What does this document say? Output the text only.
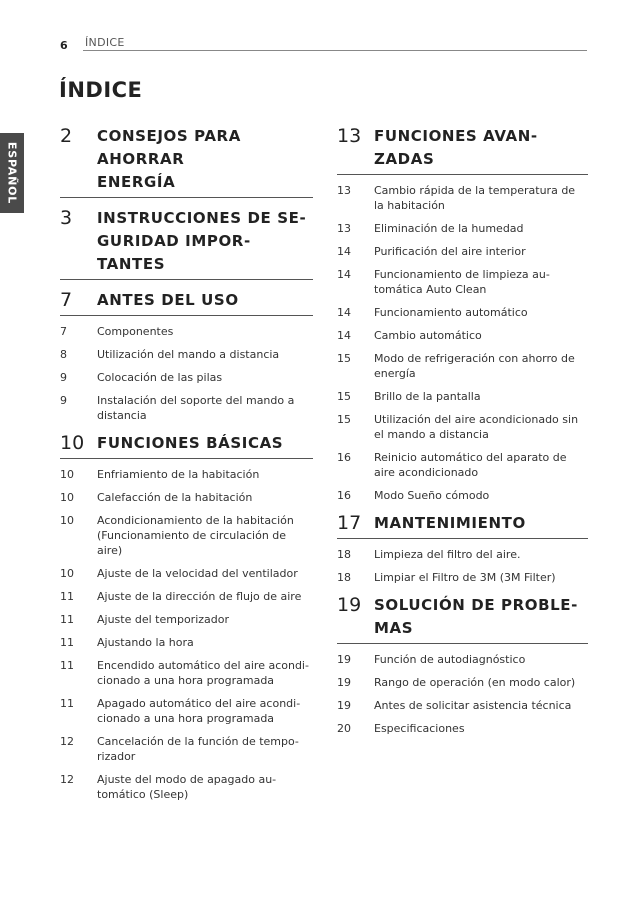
6 ÍNDICE
ESPAÑOL
ÍNDICE
2 CONSEJOS PARA AHORRAR ENERGÍA
3 INSTRUCCIONES DE SE- GURIDAD IMPOR- TANTES
7 ANTES DEL USO
7	Componentes
8	Utilización del mando a distancia
9	Colocación de las pilas
9	Instalación del soporte del mando a distancia
10 FUNCIONES BÁSICAS
10 Enfriamiento de la habitación
10 Calefacción de la habitación
10 Acondicionamiento de la habitación (Funcionamiento de circulación de aire)
10 Ajuste de la velocidad del ventilador
11 Ajuste de la dirección de flujo de aire
11 Ajuste del temporizador
11 Ajustando la hora
11 Encendido automático del aire acondi- cionado a una hora programada
11 Apagado automático del aire acondi- cionado a una hora programada
12 Cancelación de la función de tempo- rizador
12 Ajuste del modo de apagado au- tomático (Sleep)
13 FUNCIONES AVAN- ZADAS
13 Cambio rápida de la temperatura de la habitación
13 Eliminación de la humedad
14 Purificación del aire interior
14 Funcionamiento de limpieza au- tomática Auto Clean
14 Funcionamiento automático
14 Cambio automático
15 Modo de refrigeración con ahorro de energía
15 Brillo de la pantalla
15 Utilización del aire acondicionado sin el mando a distancia
16 Reinicio automático del aparato de aire acondicionado
16 Modo Sueño cómodo
17 MANTENIMIENTO
18 Limpieza del filtro del aire.
18 Limpiar el Filtro de 3M (3M Filter)
19 SOLUCIÓN DE PROBLE- MAS
19 Función de autodiagnóstico
19 Rango de operación (en modo calor)
19 Antes de solicitar asistencia técnica
20 Especificaciones
